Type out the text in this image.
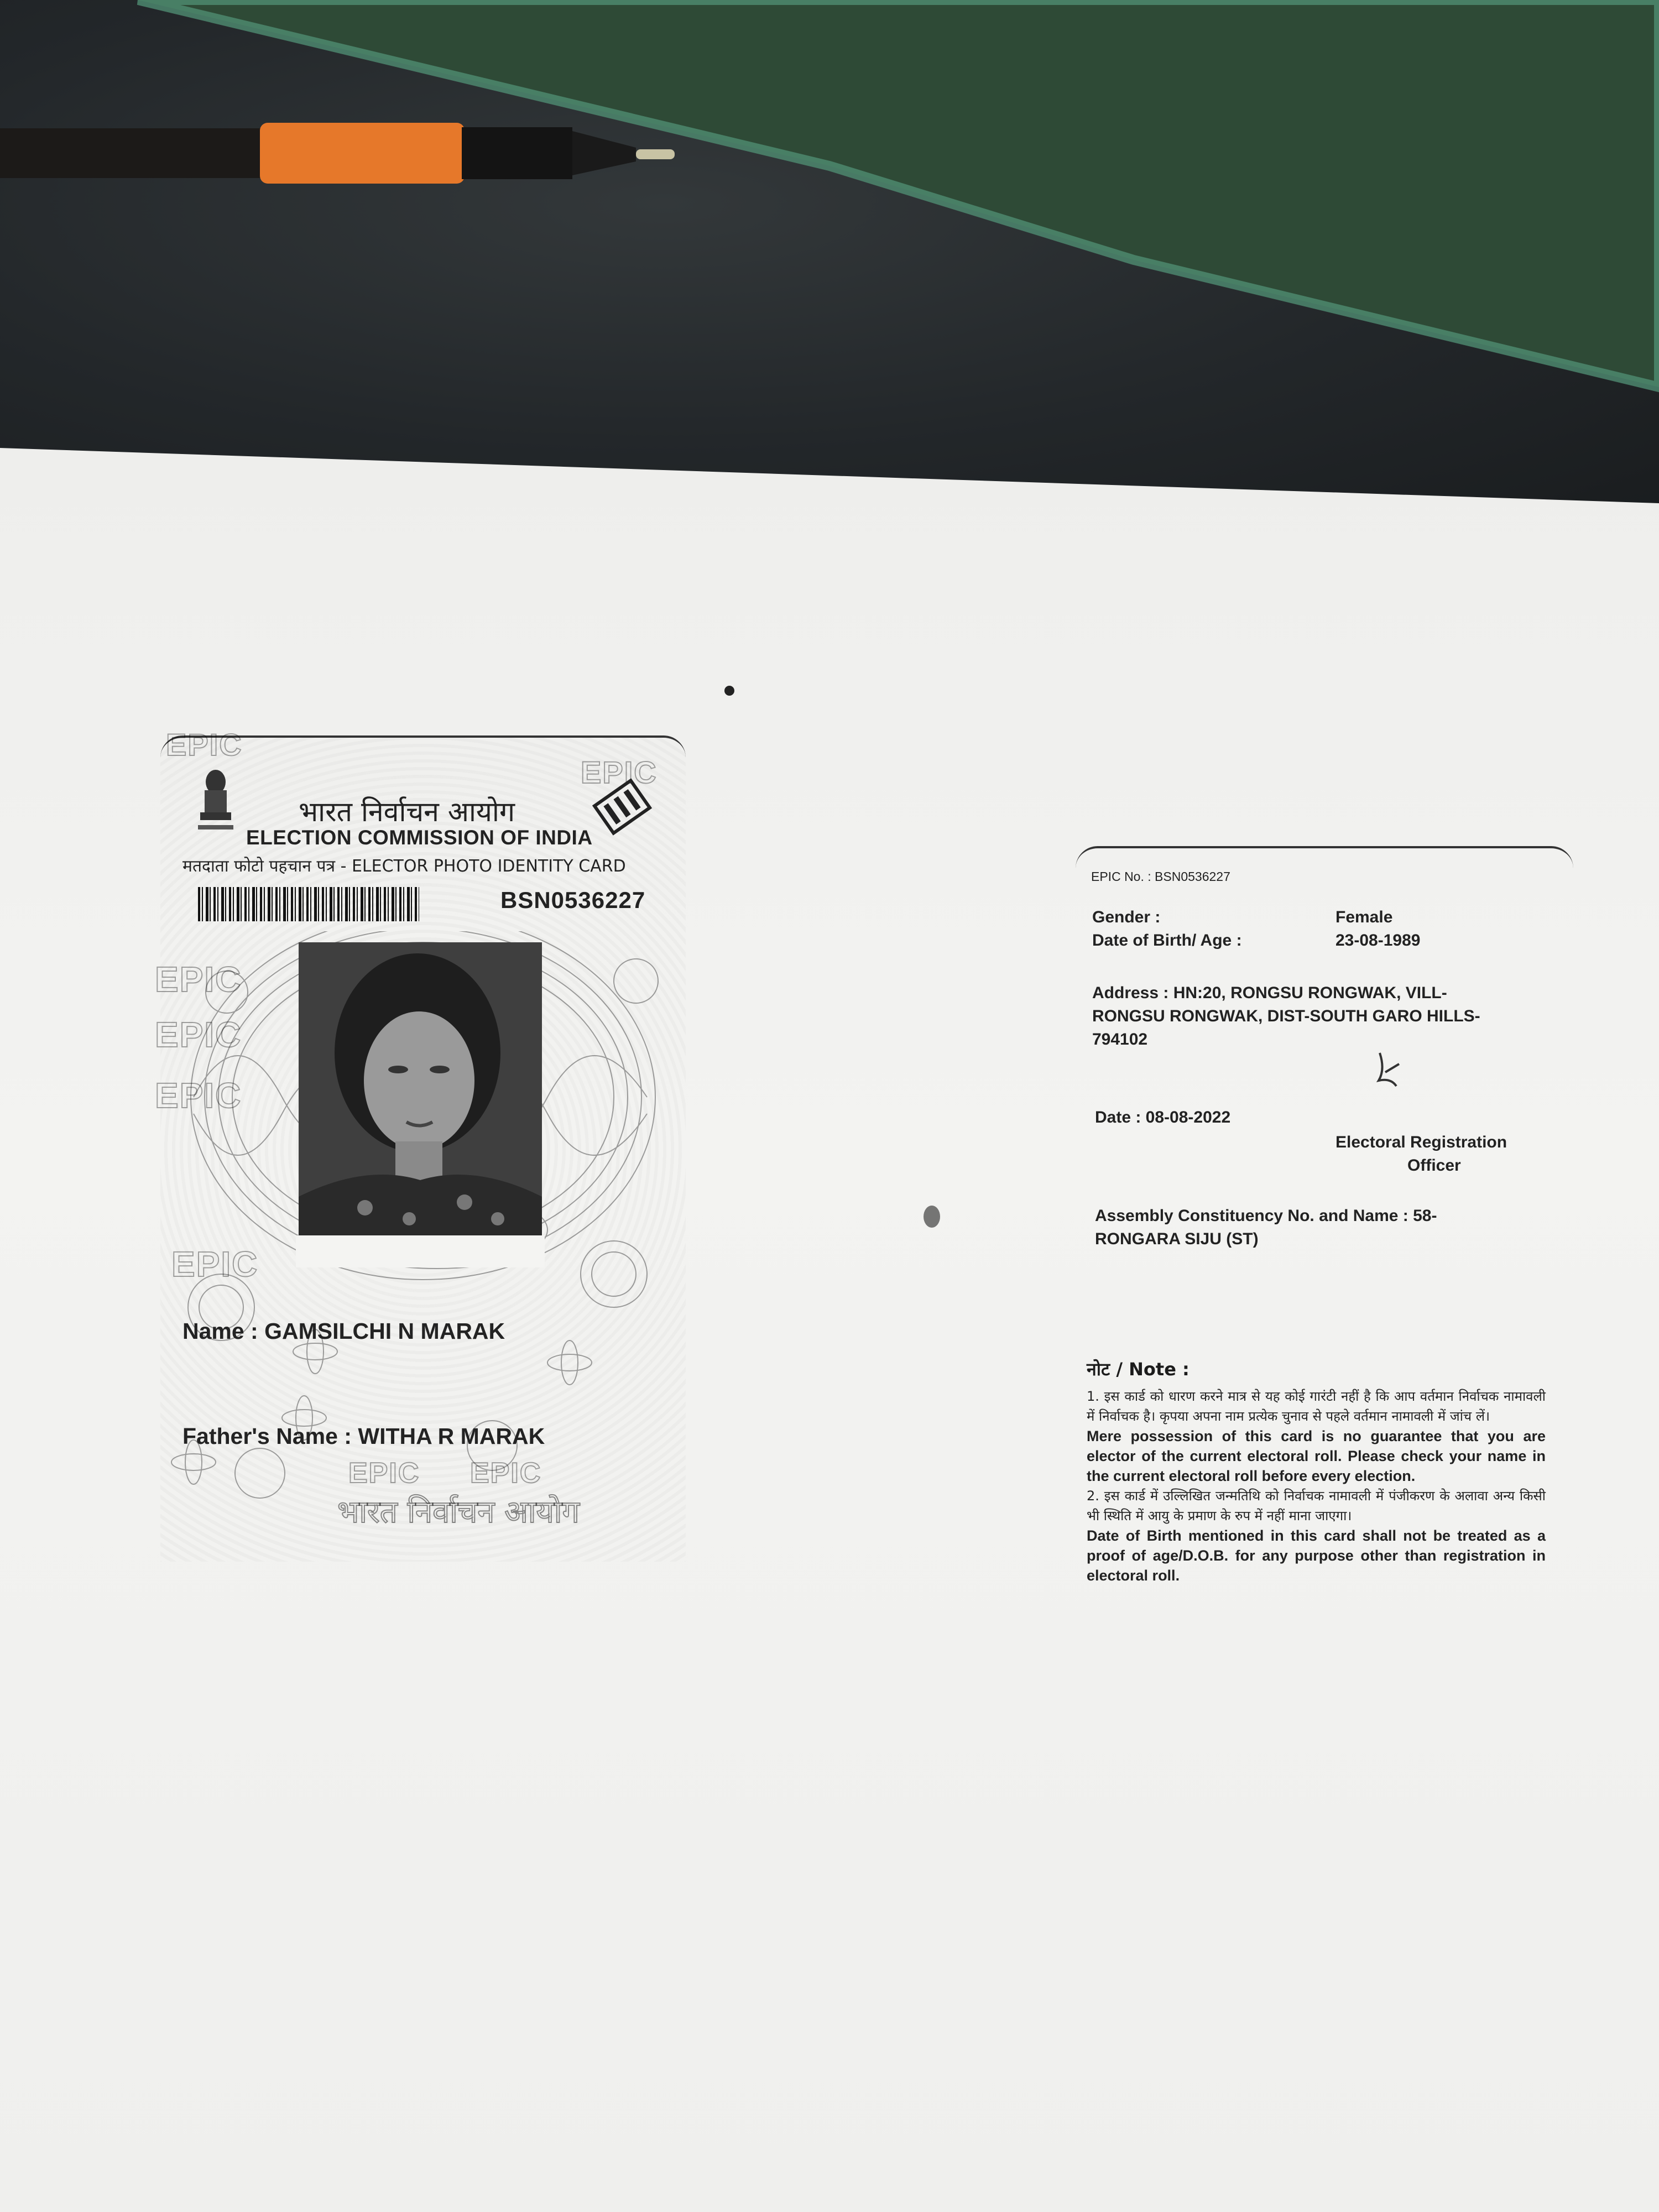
EPIC
EPIC
EPIC
EPIC
EPIC
EPIC
EPIC EPIC
भारत निर्वाचन आयोग
ELECTION COMMISSION OF INDIA
मतदाता फोटो पहचान पत्र - ELECTOR PHOTO IDENTITY CARD
BSN0536227
Name : GAMSILCHI N MARAK
Father's Name : WITHA R MARAK
भारत निर्वाचन आयोग
EPIC No. : BSN0536227
Gender :	Female
Date of Birth/ Age :	23-08-1989
Address : HN:20, RONGSU RONGWAK, VILL-
RONGSU RONGWAK, DIST-SOUTH GARO HILLS-
794102
Date : 08-08-2022
Electoral Registration
Officer
Assembly Constituency No. and Name : 58-
RONGARA SIJU (ST)
नोट / Note :
1. इस कार्ड को धारण करने मात्र से यह कोई गारंटी नहीं है कि आप वर्तमान निर्वाचक नामावली में निर्वाचक है। कृपया अपना नाम प्रत्येक चुनाव से पहले वर्तमान नामावली में जांच लें।
Mere possession of this card is no guarantee that you are elector of the current electoral roll. Please check your name in the current electoral roll before every election.
2. इस कार्ड में उल्लिखित जन्मतिथि को निर्वाचक नामावली में पंजीकरण के अलावा अन्य किसी भी स्थिति में आयु के प्रमाण के रुप में नहीं माना जाएगा।
Date of Birth mentioned in this card shall not be treated as a proof of age/D.O.B. for any purpose other than registration in electoral roll.
